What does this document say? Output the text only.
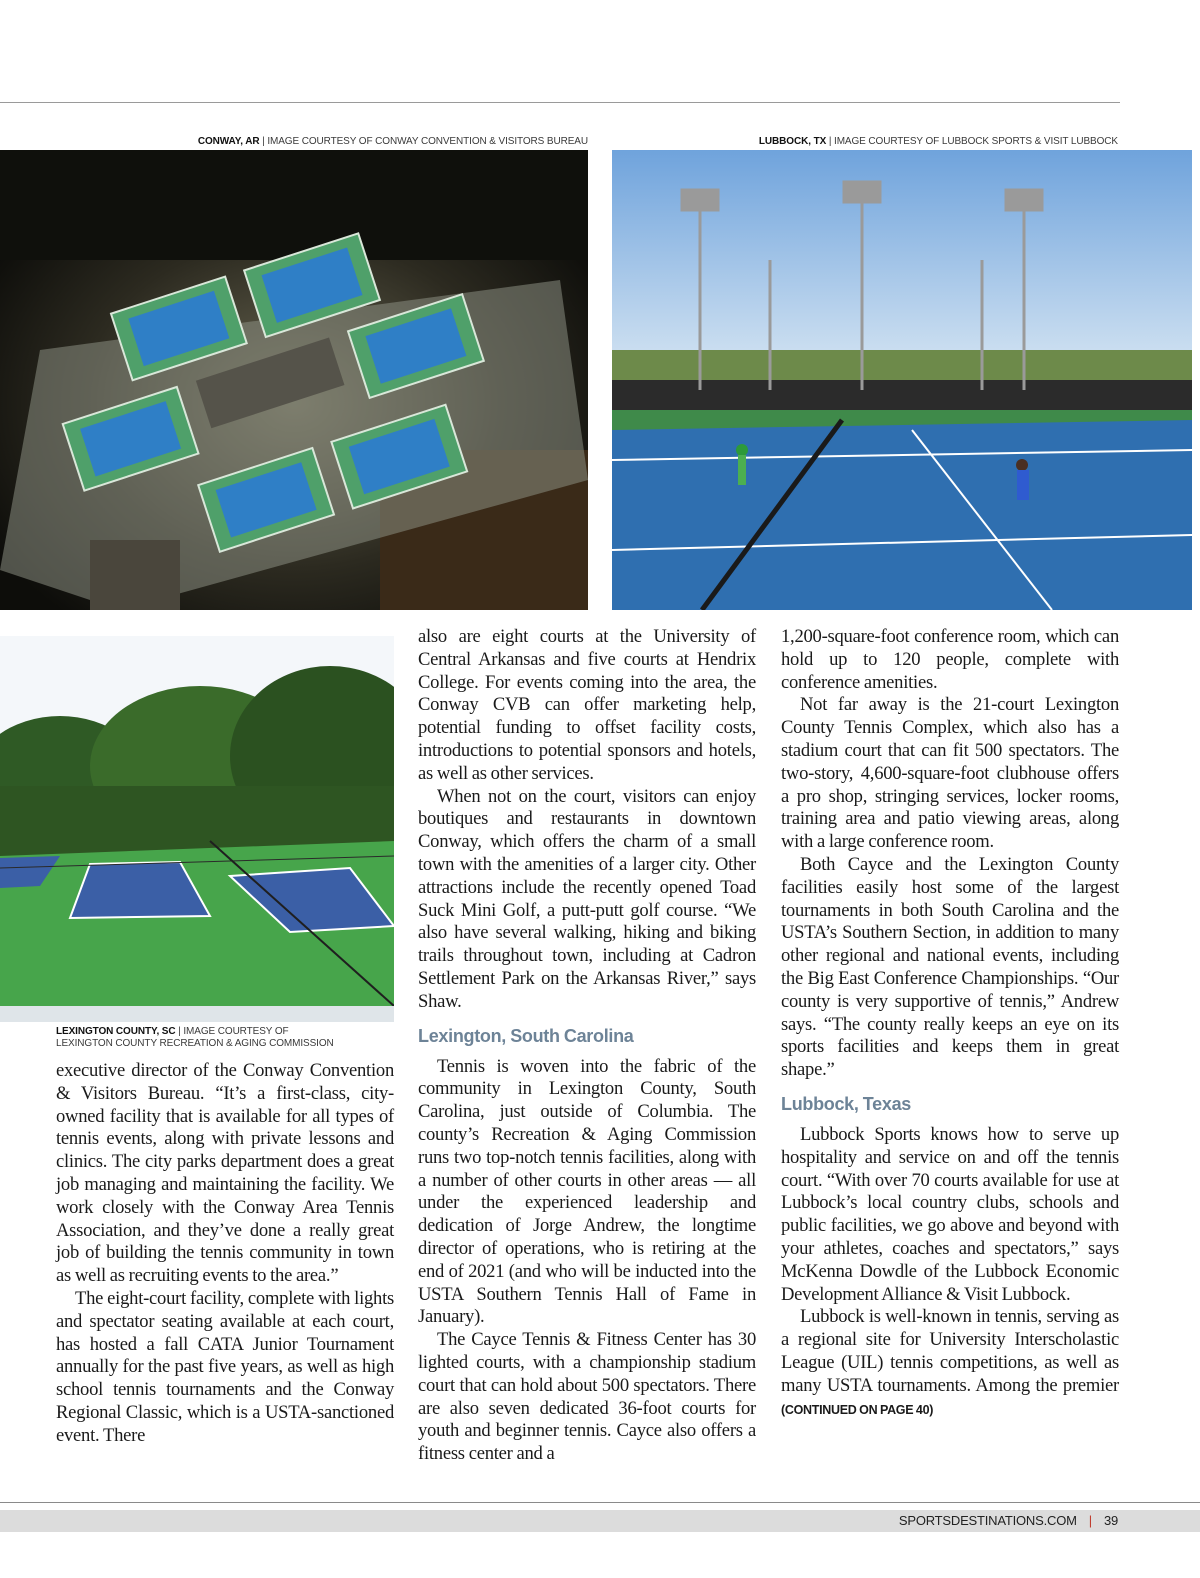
CONWAY, AR | IMAGE COURTESY OF CONWAY CONVENTION & VISITORS BUREAU	LUBBOCK, TX | IMAGE COURTESY OF LUBBOCK SPORTS & VISIT LUBBOCK
LEXINGTON COUNTY, SC | IMAGE COURTESY OF
LEXINGTON COUNTY RECREATION & AGING COMMISSION

executive director of the Conway Convention & Visitors Bureau. “It’s a first-class, city-owned facility that is available for all types of tennis events, along with private lessons and clinics. The city parks department does a great job managing and maintaining the facility. We work closely with the Conway Area Tennis Association, and they’ve done a really great job of building the tennis community in town as well as recruiting events to the area.”

The eight-court facility, complete with lights and spectator seating available at each court, has hosted a fall CATA Junior Tournament annually for the past five years, as well as high school tennis tournaments and the Conway Regional Classic, which is a USTA-sanctioned event. There

also are eight courts at the University of Central Arkansas and five courts at Hendrix College. For events coming into the area, the Conway CVB can offer marketing help, potential funding to offset facility costs, introductions to potential sponsors and hotels, as well as other services.

When not on the court, visitors can enjoy boutiques and restaurants in downtown Conway, which offers the charm of a small town with the amenities of a larger city. Other attractions include the recently opened Toad Suck Mini Golf, a putt-putt golf course. “We also have several walking, hiking and biking trails throughout town, including at Cadron Settlement Park on the Arkansas River,” says Shaw.

Lexington, South Carolina

Tennis is woven into the fabric of the community in Lexington County, South Carolina, just outside of Columbia. The county’s Recreation & Aging Commission runs two top-notch tennis facilities, along with a number of other courts in other areas — all under the experienced leadership and dedication of Jorge Andrew, the longtime director of operations, who is retiring at the end of 2021 (and who will be inducted into the USTA Southern Tennis Hall of Fame in January).

The Cayce Tennis & Fitness Center has 30 lighted courts, with a championship stadium court that can hold about 500 spectators. There are also seven dedicated 36-foot courts for youth and beginner tennis. Cayce also offers a fitness center and a

1,200-square-foot conference room, which can hold up to 120 people, complete with conference amenities.

Not far away is the 21-court Lexington County Tennis Complex, which also has a stadium court that can fit 500 spectators. The two-story, 4,600-square-foot clubhouse offers a pro shop, stringing services, locker rooms, training area and patio viewing areas, along with a large conference room.

Both Cayce and the Lexington County facilities easily host some of the largest tournaments in both South Carolina and the USTA’s Southern Section, in addition to many other regional and national events, including the Big East Conference Championships. “Our county is very supportive of tennis,” Andrew says. “The county really keeps an eye on its sports facilities and keeps them in great shape.”

Lubbock, Texas

Lubbock Sports knows how to serve up hospitality and service on and off the tennis court. “With over 70 courts available for use at Lubbock’s local country clubs, schools and public facilities, we go above and beyond with your athletes, coaches and spectators,” says McKenna Dowdle of the Lubbock Economic Development Alliance & Visit Lubbock.

Lubbock is well-known in tennis, serving as a regional site for University Interscholastic League (UIL) tennis competitions, as well as many USTA tournaments. Among the premier (CONTINUED ON PAGE 40)

SPORTSDESTINATIONS.COM | 39
